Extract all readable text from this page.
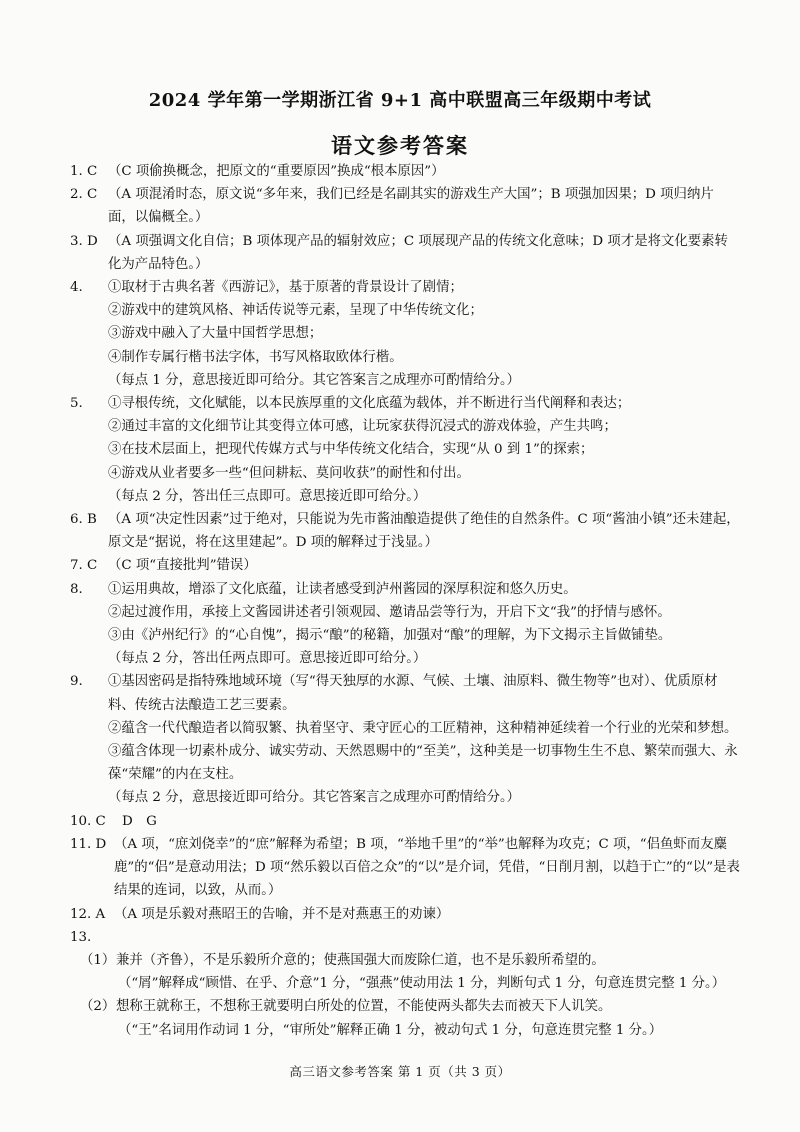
2024 学年第一学期浙江省 9+1 高中联盟高三年级期中考试
语文参考答案
1. C （C 项偷换概念，把原文的“重要原因”换成“根本原因”）

2. C （A 项混淆时态，原文说“多年来，我们已经是名副其实的游戏生产大国”；B 项强加因果；D 项归纳片面，以偏概全。）

3. D （A 项强调文化自信；B 项体现产品的辐射效应；C 项展现产品的传统文化意味；D 项才是将文化要素转化为产品特色。）

4.	①取材于古典名著《西游记》，基于原著的背景设计了剧情；

②游戏中的建筑风格、神话传说等元素，呈现了中华传统文化；

③游戏中融入了大量中国哲学思想；

④制作专属行楷书法字体，书写风格取欧体行楷。

（每点 1 分，意思接近即可给分。其它答案言之成理亦可酌情给分。）

5.	①寻根传统，文化赋能，以本民族厚重的文化底蕴为载体，并不断进行当代阐释和表达；

②通过丰富的文化细节让其变得立体可感，让玩家获得沉浸式的游戏体验，产生共鸣；

③在技术层面上，把现代传媒方式与中华传统文化结合，实现“从 0 到 1”的探索；

④游戏从业者要多一些“但问耕耘、莫问收获”的耐性和付出。

（每点 2 分，答出任三点即可。意思接近即可给分。）

6. B （A 项“决定性因素”过于绝对，只能说为先市酱油酿造提供了绝佳的自然条件。C 项“酱油小镇”还未建起，原文是“据说，将在这里建起”。D 项的解释过于浅显。）

7. C （C 项“直接批判”错误）

8.	①运用典故，增添了文化底蕴，让读者感受到泸州酱园的深厚积淀和悠久历史。

②起过渡作用，承接上文酱园讲述者引领观园、邀请品尝等行为，开启下文“我”的抒情与感怀。

③由《泸州纪行》的“心自愧”，揭示“酿”的秘籍，加强对“酿”的理解，为下文揭示主旨做铺垫。

（每点 2 分，答出任两点即可。意思接近即可给分。）

9.	①基因密码是指特殊地域环境（写“得天独厚的水源、气候、土壤、油原料、微生物等”也对）、优质原材料、传统古法酿造工艺三要素。

②蕴含一代代酿造者以简驭繁、执着坚守、秉守匠心的工匠精神，这种精神延续着一个行业的光荣和梦想。

③蕴含体现一切素朴成分、诚实劳动、天然恩赐中的“至美”，这种美是一切事物生生不息、繁荣而强大、永葆“荣耀”的内在支柱。

（每点 2 分，意思接近即可给分。其它答案言之成理亦可酌情给分。）

10. C	D　G

11. D （A 项，“庶刘侥幸”的“庶”解释为希望；B 项，“举地千里”的“举”也解释为攻克；C 项，“侣鱼虾而友麋鹿”的“侣”是意动用法；D 项“然乐毅以百倍之众”的“以”是介词，凭借，“日削月割，以趋于亡”的“以”是表结果的连词，以致，从而。）

12. A （A 项是乐毅对燕昭王的告喻，并不是对燕惠王的劝谏）

13.
（1） 兼并（齐鲁），不是乐毅所介意的；使燕国强大而废除仁道，也不是乐毅所希望的。

（“屑”解释成“顾惜、在乎、介意”1 分，“强燕”使动用法 1 分，判断句式 1 分，句意连贯完整 1 分。）

（2） 想称王就称王，不想称王就要明白所处的位置，不能使两头都失去而被天下人讥笑。

（“王”名词用作动词 1 分，“审所处”解释正确 1 分，被动句式 1 分，句意连贯完整 1 分。）

高三语文参考答案 第 1 页（共 3 页）
